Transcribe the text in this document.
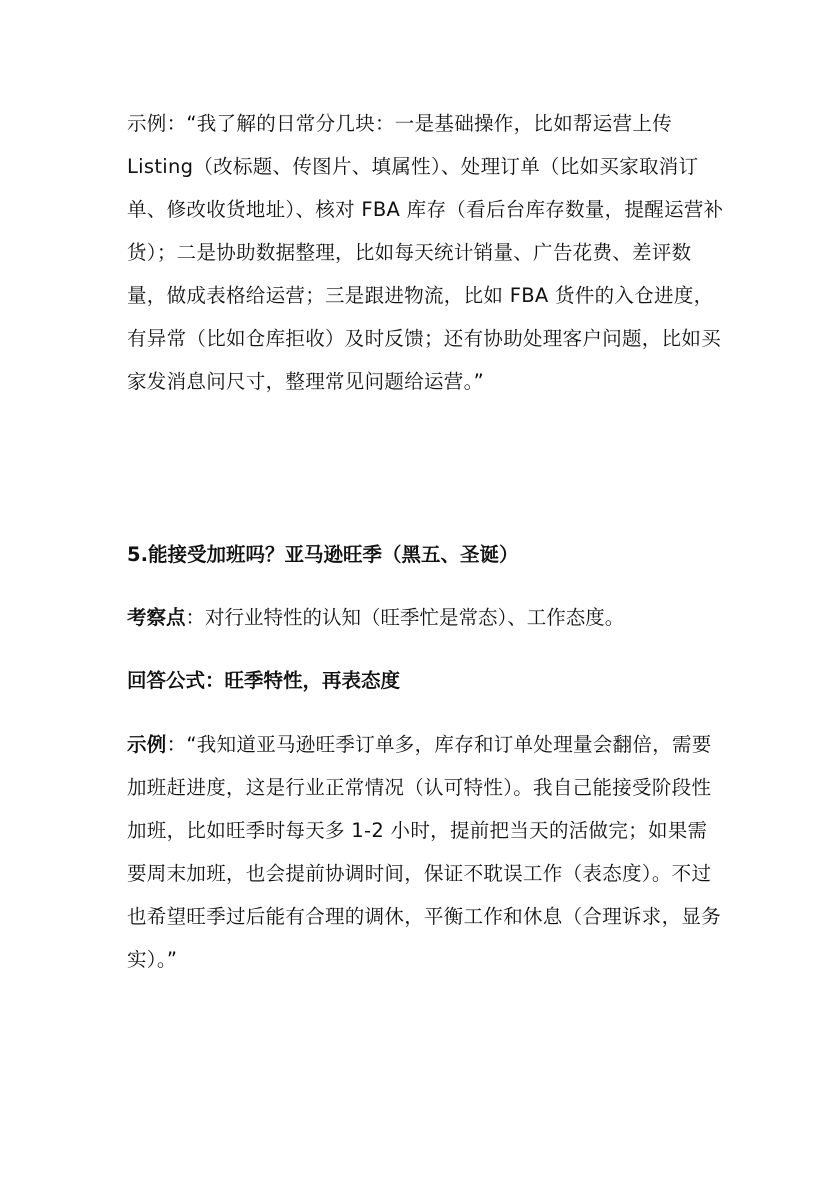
示例：“我了解的日常分几块：一是基础操作，比如帮运营上传 Listing（改标题、传图片、填属性）、处理订单（比如买家取消订单、修改收货地址）、核对 FBA 库存（看后台库存数量，提醒运营补货）；二是协助数据整理，比如每天统计销量、广告花费、差评数量，做成表格给运营；三是跟进物流，比如 FBA 货件的入仓进度，有异常（比如仓库拒收）及时反馈；还有协助处理客户问题，比如买家发消息问尺寸，整理常见问题给运营。”

5.能接受加班吗？亚马逊旺季（黑五、圣诞）

考察点：对行业特性的认知（旺季忙是常态）、工作态度。

回答公式：旺季特性，再表态度

示例：“我知道亚马逊旺季订单多，库存和订单处理量会翻倍，需要加班赶进度，这是行业正常情况（认可特性）。我自己能接受阶段性加班，比如旺季时每天多 1-2 小时，提前把当天的活做完；如果需要周末加班，也会提前协调时间，保证不耽误工作（表态度）。不过也希望旺季过后能有合理的调休，平衡工作和休息（合理诉求，显务实）。”
